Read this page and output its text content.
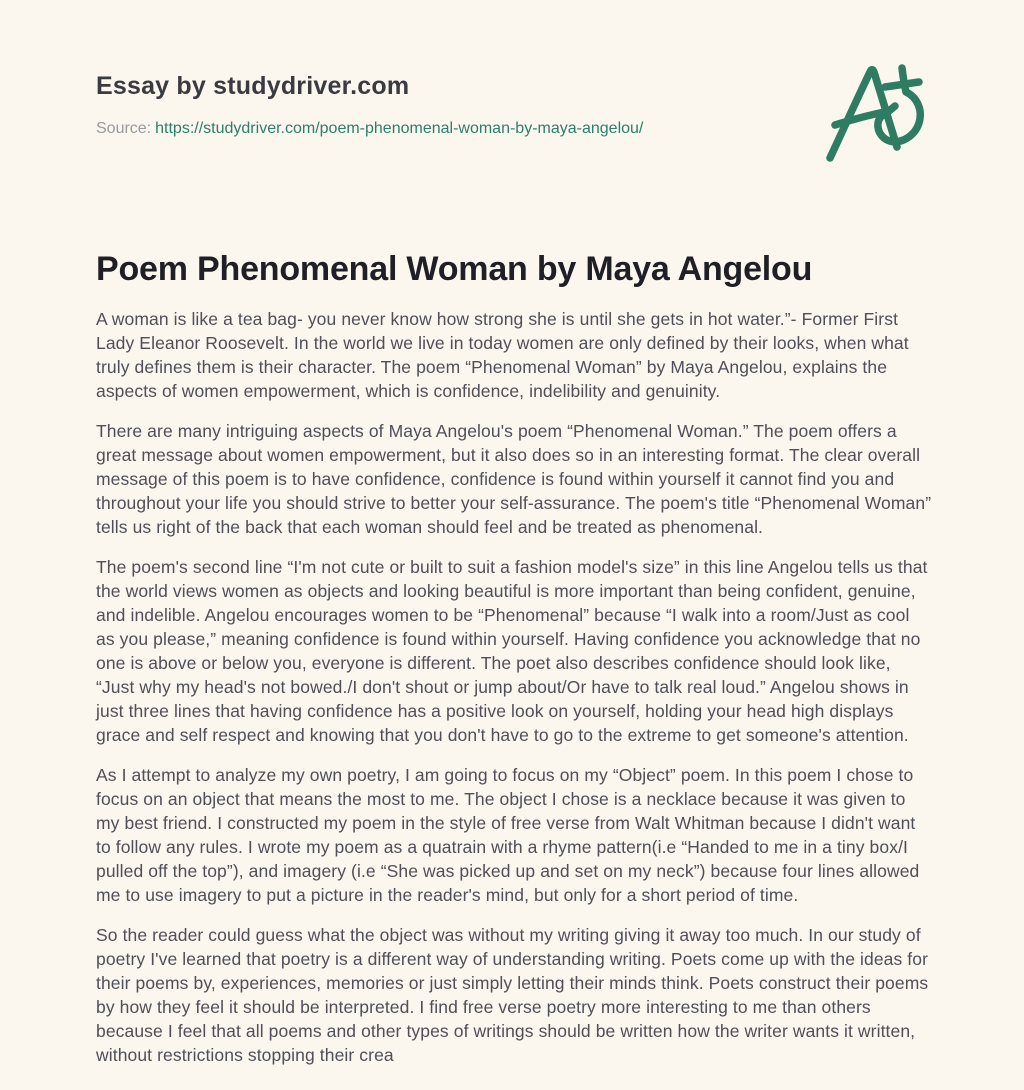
Essay by studydriver.com

Source: https://studydriver.com/poem-phenomenal-woman-by-maya-angelou/

Poem Phenomenal Woman by Maya Angelou

A woman is like a tea bag- you never know how strong she is until she gets in hot water.”- Former First Lady Eleanor Roosevelt. In the world we live in today women are only defined by their looks, when what truly defines them is their character. The poem “Phenomenal Woman” by Maya Angelou, explains the aspects of women empowerment, which is confidence, indelibility and genuinity.

There are many intriguing aspects of Maya Angelou's poem “Phenomenal Woman.” The poem offers a great message about women empowerment, but it also does so in an interesting format. The clear overall message of this poem is to have confidence, confidence is found within yourself it cannot find you and throughout your life you should strive to better your self-assurance. The poem's title “Phenomenal Woman” tells us right of the back that each woman should feel and be treated as phenomenal.

The poem's second line “I'm not cute or built to suit a fashion model's size” in this line Angelou tells us that the world views women as objects and looking beautiful is more important than being confident, genuine, and indelible. Angelou encourages women to be “Phenomenal” because “I walk into a room/Just as cool as you please,” meaning confidence is found within yourself. Having confidence you acknowledge that no one is above or below you, everyone is different. The poet also describes confidence should look like, “Just why my head's not bowed./I don't shout or jump about/Or have to talk real loud.” Angelou shows in just three lines that having confidence has a positive look on yourself, holding your head high displays grace and self respect and knowing that you don't have to go to the extreme to get someone's attention.

As I attempt to analyze my own poetry, I am going to focus on my “Object” poem. In this poem I chose to focus on an object that means the most to me. The object I chose is a necklace because it was given to my best friend. I constructed my poem in the style of free verse from Walt Whitman because I didn't want to follow any rules. I wrote my poem as a quatrain with a rhyme pattern(i.e “Handed to me in a tiny box/I pulled off the top”), and imagery (i.e “She was picked up and set on my neck”) because four lines allowed me to use imagery to put a picture in the reader's mind, but only for a short period of time.

So the reader could guess what the object was without my writing giving it away too much. In our study of poetry I've learned that poetry is a different way of understanding writing. Poets come up with the ideas for their poems by, experiences, memories or just simply letting their minds think. Poets construct their poems by how they feel it should be interpreted. I find free verse poetry more interesting to me than others because I feel that all poems and other types of writings should be written how the writer wants it written, without restrictions stopping their crea
